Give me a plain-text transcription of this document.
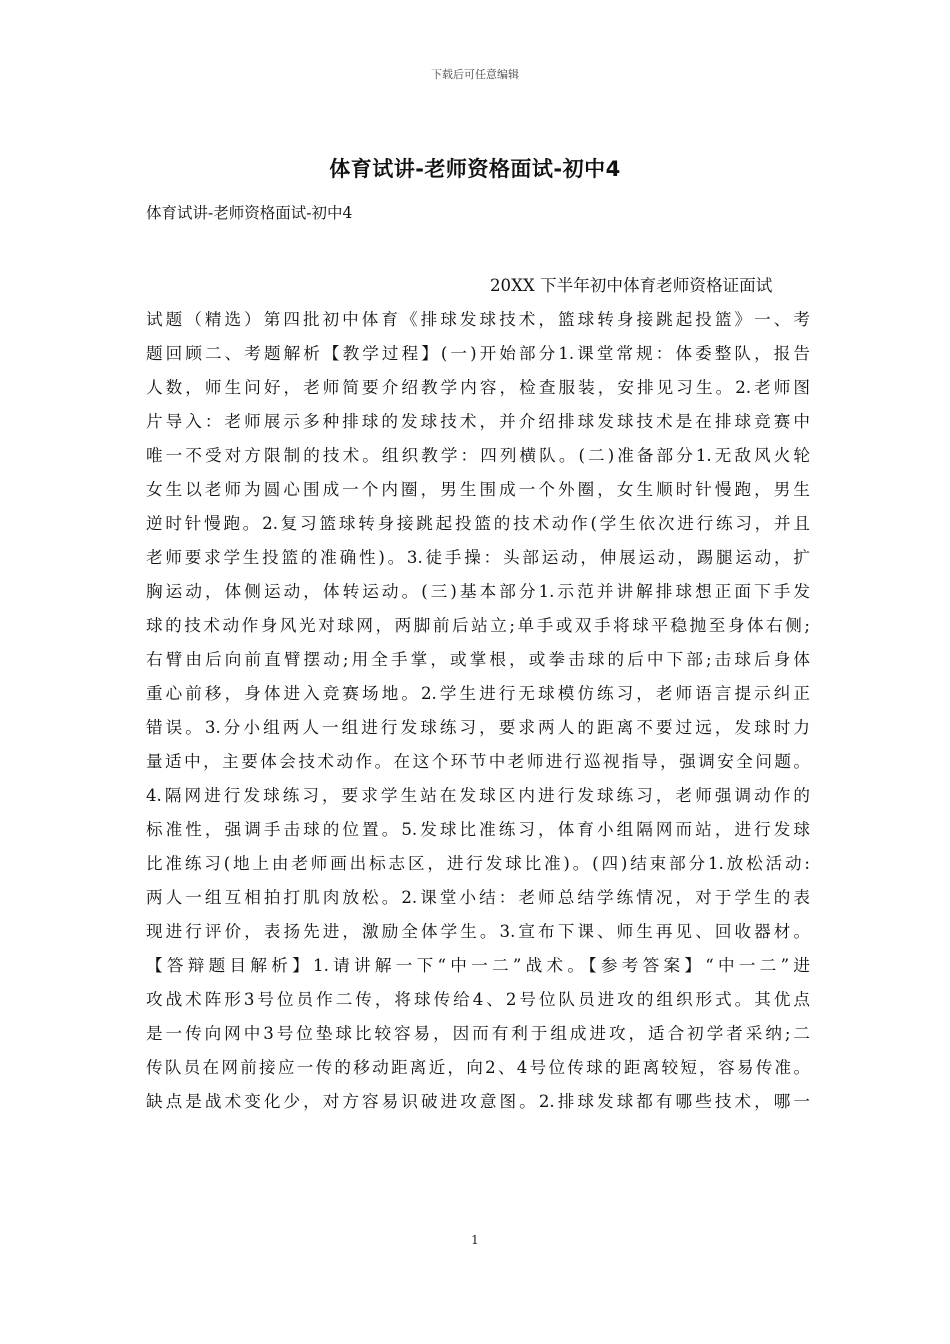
下载后可任意编辑
体育试讲-老师资格面试-初中4
体育试讲-老师资格面试-初中4
20XX 下半年初中体育老师资格证面试
试题（精选）第四批初中体育《排球发球技术，篮球转身接跳起投篮》一、考
题回顾二、考题解析【教学过程】(一)开始部分1.课堂常规：体委整队，报告
人数，师生问好，老师简要介绍教学内容，检查服装，安排见习生。2.老师图
片导入：老师展示多种排球的发球技术，并介绍排球发球技术是在排球竞赛中
唯一不受对方限制的技术。组织教学：四列横队。(二)准备部分1.无敌风火轮
女生以老师为圆心围成一个内圈，男生围成一个外圈，女生顺时针慢跑，男生
逆时针慢跑。2.复习篮球转身接跳起投篮的技术动作(学生依次进行练习，并且
老师要求学生投篮的准确性)。3.徒手操：头部运动，伸展运动，踢腿运动，扩
胸运动，体侧运动，体转运动。(三)基本部分1.示范并讲解排球想正面下手发
球的技术动作身风光对球网，两脚前后站立;单手或双手将球平稳抛至身体右侧;
右臂由后向前直臂摆动;用全手掌，或掌根，或拳击球的后中下部;击球后身体
重心前移，身体进入竞赛场地。2.学生进行无球模仿练习，老师语言提示纠正
错误。3.分小组两人一组进行发球练习，要求两人的距离不要过远，发球时力
量适中，主要体会技术动作。在这个环节中老师进行巡视指导，强调安全问题。
4.隔网进行发球练习，要求学生站在发球区内进行发球练习，老师强调动作的
标准性，强调手击球的位置。5.发球比准练习，体育小组隔网而站，进行发球
比准练习(地上由老师画出标志区，进行发球比准)。(四)结束部分1.放松活动:
两人一组互相拍打肌肉放松。2.课堂小结：老师总结学练情况，对于学生的表
现进行评价，表扬先进，激励全体学生。3.宣布下课、师生再见、回收器材。
【答辩题目解析】1.请讲解一下“中一二”战术。【参考答案】“中一二”进
攻战术阵形3号位员作二传，将球传给4、2号位队员进攻的组织形式。其优点
是一传向网中3号位垫球比较容易，因而有利于组成进攻，适合初学者采纳;二
传队员在网前接应一传的移动距离近，向2、4号位传球的距离较短，容易传准。
缺点是战术变化少，对方容易识破进攻意图。2.排球发球都有哪些技术，哪一
1
